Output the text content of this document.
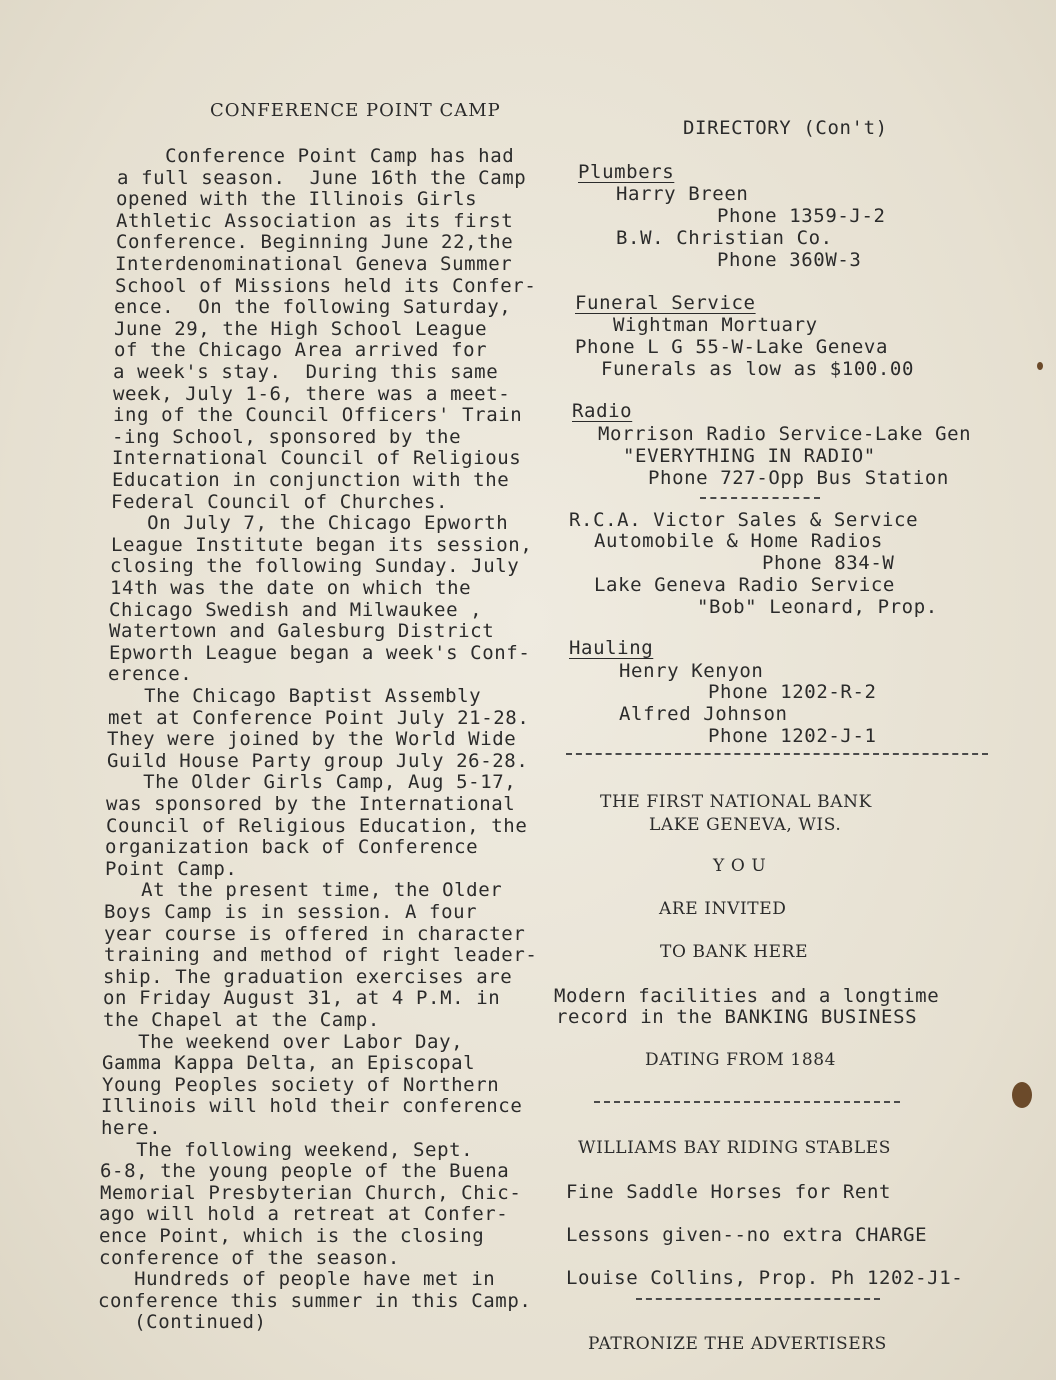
CONFERENCE POINT CAMP
Conference Point Camp has had
a full season.  June 16th the Camp
opened with the Illinois Girls
Athletic Association as its first
Conference. Beginning June 22,the
Interdenominational Geneva Summer
School of Missions held its Confer-
ence.  On the following Saturday,
June 29, the High School League
of the Chicago Area arrived for
a week's stay.  During this same
week, July 1-6, there was a meet-
ing of the Council Officers' Train
-ing School, sponsored by the
International Council of Religious
Education in conjunction with the
Federal Council of Churches.
On July 7, the Chicago Epworth
League Institute began its session,
closing the following Sunday. July
14th was the date on which the
Chicago Swedish and Milwaukee ,
Watertown and Galesburg District
Epworth League began a week's Conf-
erence.
The Chicago Baptist Assembly
met at Conference Point July 21-28.
They were joined by the World Wide
Guild House Party group July 26-28.
The Older Girls Camp, Aug 5-17,
was sponsored by the International
Council of Religious Education, the
organization back of Conference
Point Camp.
At the present time, the Older
Boys Camp is in session. A four
year course is offered in character
training and method of right leader-
ship. The graduation exercises are
on Friday August 31, at 4 P.M. in
the Chapel at the Camp.
The weekend over Labor Day,
Gamma Kappa Delta, an Episcopal
Young Peoples society of Northern
Illinois will hold their conference
here.
The following weekend, Sept.
6-8, the young people of the Buena
Memorial Presbyterian Church, Chic-
ago will hold a retreat at Confer-
ence Point, which is the closing
conference of the season.
Hundreds of people have met in
conference this summer in this Camp.
(Continued)
DIRECTORY (Con't)
Plumbers
Harry Breen
Phone 1359-J-2
B.W. Christian Co.
Phone 360W-3
Funeral Service
Wightman Mortuary
Phone L G 55-W-Lake Geneva
Funerals as low as $100.00
Radio
Morrison Radio Service-Lake Gen
"EVERYTHING IN RADIO"
Phone 727-Opp Bus Station
R.C.A. Victor Sales & Service
Automobile & Home Radios
Phone 834-W
Lake Geneva Radio Service
"Bob" Leonard, Prop.
Hauling
Henry Kenyon
Phone 1202-R-2
Alfred Johnson
Phone 1202-J-1
THE FIRST NATIONAL BANK
LAKE GENEVA, WIS.
Y O U
ARE INVITED
TO BANK HERE
Modern facilities and a longtime
record in the BANKING BUSINESS
DATING FROM 1884
WILLIAMS BAY RIDING STABLES
Fine Saddle Horses for Rent
Lessons given--no extra CHARGE
Louise Collins, Prop. Ph 1202-J1-
PATRONIZE THE ADVERTISERS
